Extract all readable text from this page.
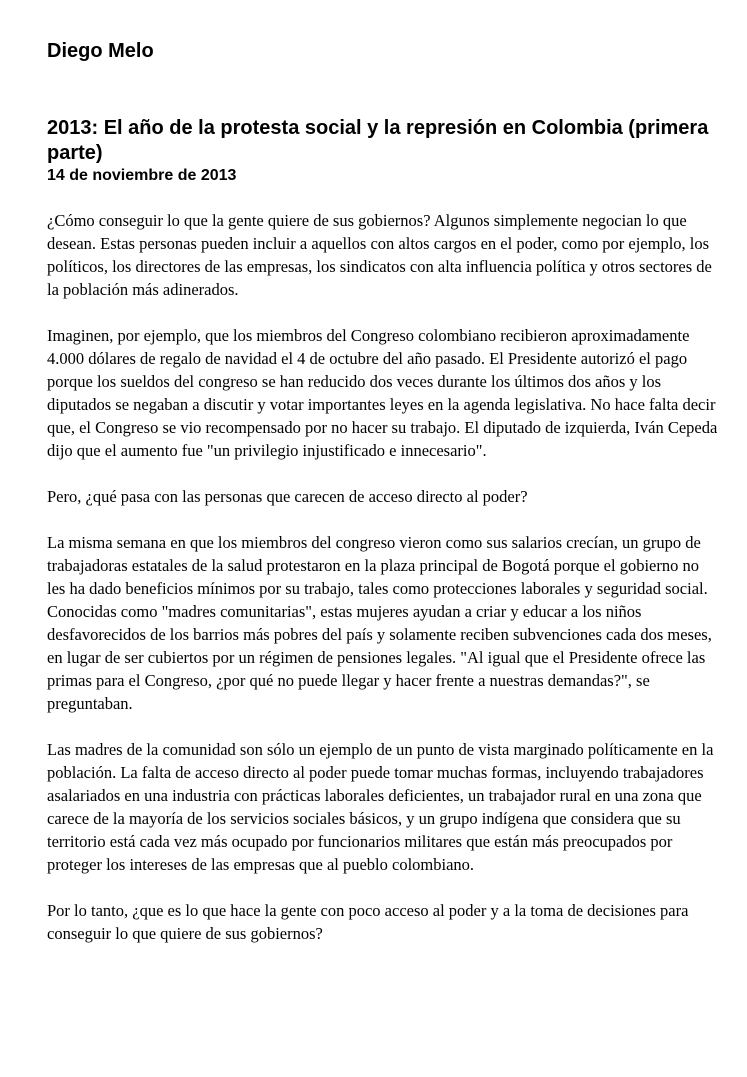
Diego Melo
2013: El año de la protesta social y la represión en Colombia (primera parte)
14 de noviembre de 2013

¿Cómo conseguir lo que la gente quiere de sus gobiernos? Algunos simplemente negocian lo que desean. Estas personas pueden incluir a aquellos con altos cargos en el poder, como por ejemplo, los políticos, los directores de las empresas, los sindicatos con alta influencia política y otros sectores de la población más adinerados.

Imaginen, por ejemplo, que los miembros del Congreso colombiano recibieron aproximadamente 4.000 dólares de regalo de navidad el 4 de octubre del año pasado. El Presidente autorizó el pago porque los sueldos del congreso se han reducido dos veces durante los últimos dos años y los diputados se negaban a discutir y votar importantes leyes en la agenda legislativa. No hace falta decir que, el Congreso se vio recompensado por no hacer su trabajo. El diputado de izquierda, Iván Cepeda dijo que el aumento fue "un privilegio injustificado e innecesario".

Pero, ¿qué pasa con las personas que carecen de acceso directo al poder?

La misma semana en que los miembros del congreso vieron como sus salarios crecían, un grupo de trabajadoras estatales de la salud protestaron en la plaza principal de Bogotá porque el gobierno no les ha dado beneficios mínimos por su trabajo, tales como protecciones laborales y seguridad social. Conocidas como "madres comunitarias", estas mujeres ayudan a criar y educar a los niños desfavorecidos de los barrios más pobres del país y solamente reciben subvenciones cada dos meses, en lugar de ser cubiertos por un régimen de pensiones legales. "Al igual que el Presidente ofrece las primas para el Congreso, ¿por qué no puede llegar y hacer frente a nuestras demandas?", se preguntaban.

Las madres de la comunidad son sólo un ejemplo de un punto de vista marginado políticamente en la población. La falta de acceso directo al poder puede tomar muchas formas, incluyendo trabajadores asalariados en una industria con prácticas laborales deficientes, un trabajador rural en una zona que carece de la mayoría de los servicios sociales básicos, y un grupo indígena que considera que su territorio está cada vez más ocupado por funcionarios militares que están más preocupados por proteger los intereses de las empresas que al pueblo colombiano.

Por lo tanto, ¿que es lo que hace la gente con poco acceso al poder y a la toma de decisiones para conseguir lo que quiere de sus gobiernos?
